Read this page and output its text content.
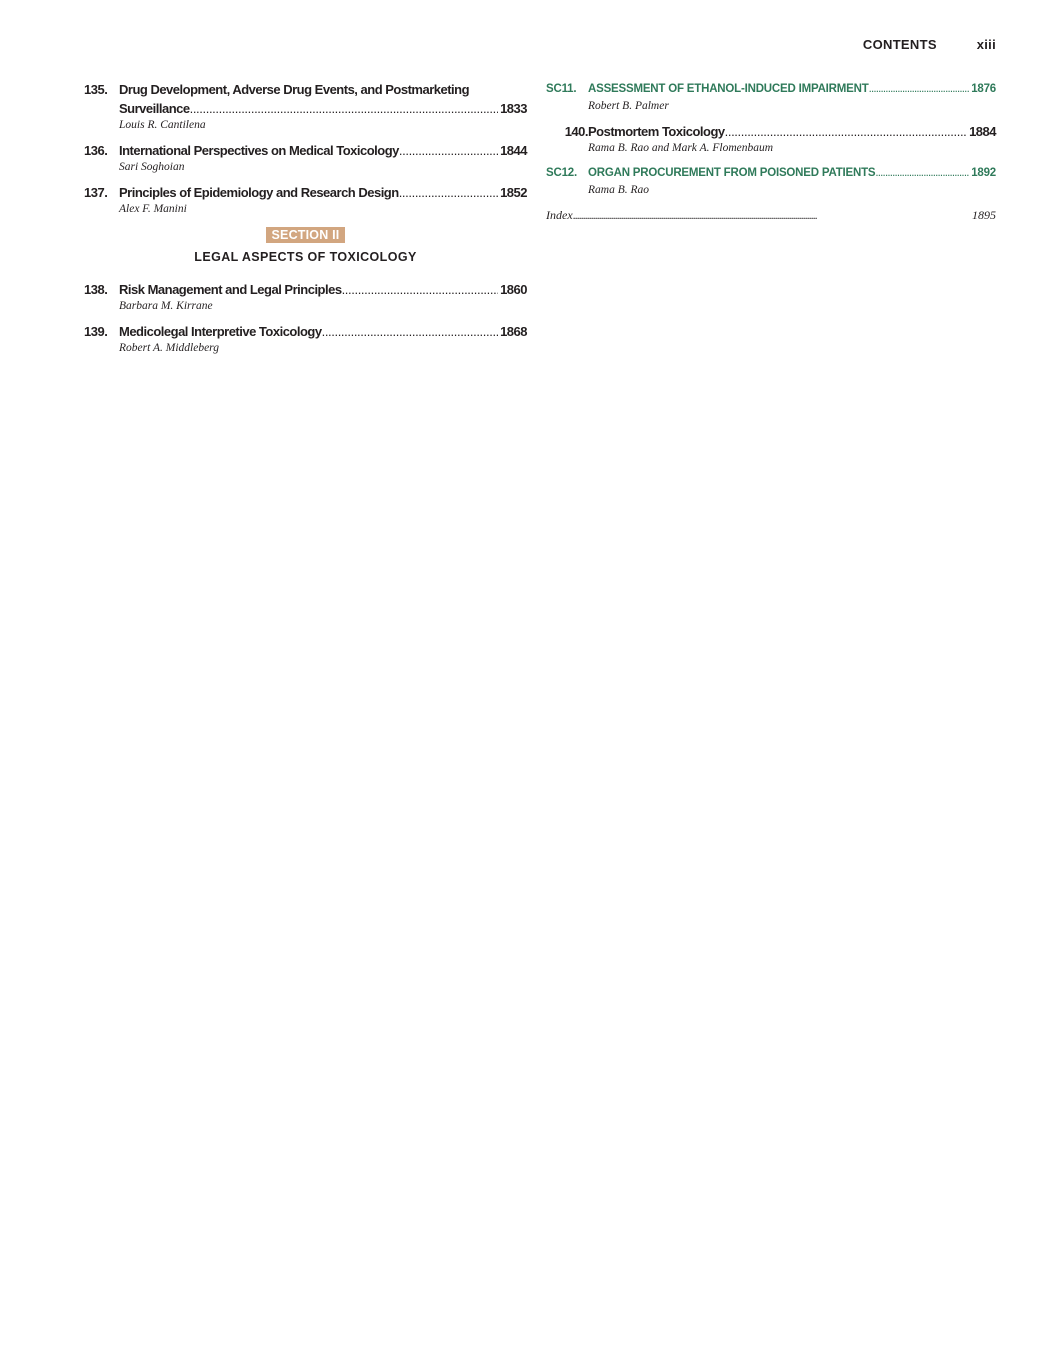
CONTENTS	xiii
135. Drug Development, Adverse Drug Events, and Postmarketing
Surveillance . . .	1833
Louis R. Cantilena
136. International Perspectives on Medical Toxicology . . .	1844
Sari Soghoian
137. Principles of Epidemiology and Research Design . . .	1852
Alex F. Manini
SECTION II
LEGAL ASPECTS OF TOXICOLOGY
138. Risk Management and Legal Principles . . .	1860
Barbara M. Kirrane
139. Medicolegal Interpretive Toxicology . . .	1868
Robert A. Middleberg
SC11.	ASSESSMENT OF ETHANOL-INDUCED IMPAIRMENT . . .	1876
Robert B. Palmer
140. Postmortem Toxicology . . .	1884
Rama B. Rao and Mark A. Flomenbaum
SC12. ORGAN PROCUREMENT FROM POISONED PATIENTS . . .	1892
Rama B. Rao
Index . . .	1895
